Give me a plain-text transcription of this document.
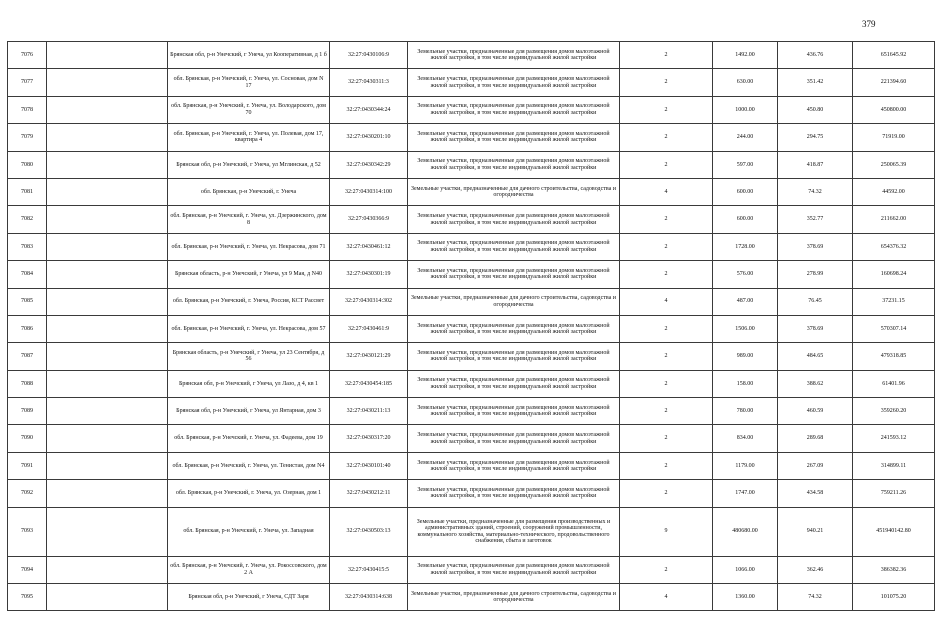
379
7076		Брянская обл, р-н Унечский, г Унеча, ул Кооперативная, д 1 б	32:27:0430106:9	Земельные участки, предназначенные для размещения домов малоэтажной жилой застройки, в том числе индивидуальной жилой застройки	2	1492.00	436.76	651645.92
7077		обл. Брянская, р-н Унечский, г. Унеча, ул. Сосновая, дом N 17	32:27:0430311:3	Земельные участки, предназначенные для размещения домов малоэтажной жилой застройки, в том числе индивидуальной жилой застройки	2	630.00	351.42	221394.60
7078		обл. Брянская, р-н Унечский, г. Унеча, ул. Володарского, дом 70	32:27:0430344:24	Земельные участки, предназначенные для размещения домов малоэтажной жилой застройки, в том числе индивидуальной жилой застройки	2	1000.00	450.80	450800.00
7079		обл. Брянская, р-н Унечский, г. Унеча, ул. Полевая, дом 17, квартира 4	32:27:0430201:10	Земельные участки, предназначенные для размещения домов малоэтажной жилой застройки, в том числе индивидуальной жилой застройки	2	244.00	294.75	71919.00
7080		Брянская обл, р-н Унечский, г Унеча, ул Мглинская, д 52	32:27:0430342:29	Земельные участки, предназначенные для размещения домов малоэтажной жилой застройки, в том числе индивидуальной жилой застройки	2	597.00	418.87	250065.39
7081		обл. Брянская, р-н Унечский, г. Унеча	32:27:0430314:100	Земельные участки, предназначенные для дачного строительства, садоводства и огородничества	4	600.00	74.32	44592.00
7082		обл. Брянская, р-н Унечский, г. Унеча, ул. Дзержинского, дом 8	32:27:0430366:9	Земельные участки, предназначенные для размещения домов малоэтажной жилой застройки, в том числе индивидуальной жилой застройки	2	600.00	352.77	211662.00
7083		обл. Брянская, р-н Унечский, г. Унеча, ул. Некрасова, дом 71	32:27:0430461:12	Земельные участки, предназначенные для размещения домов малоэтажной жилой застройки, в том числе индивидуальной жилой застройки	2	1728.00	378.69	654376.32
7084		Брянская область, р-н Унечский, г Унеча, ул 9 Мая, д N40	32:27:0430301:19	Земельные участки, предназначенные для размещения домов малоэтажной жилой застройки, в том числе индивидуальной жилой застройки	2	576.00	278.99	160698.24
7085		обл. Брянская, р-н Унечский, г. Унеча, Россия, КСТ Рассвет	32:27:0430314:302	Земельные участки, предназначенные для дачного строительства, садоводства и огородничества	4	487.00	76.45	37231.15
7086		обл. Брянская, р-н Унечский, г. Унеча, ул. Некрасова, дом 57	32:27:0430461:9	Земельные участки, предназначенные для размещения домов малоэтажной жилой застройки, в том числе индивидуальной жилой застройки	2	1506.00	378.69	570307.14
7087		Брянская область, р-н Унечский, г Унеча, ул 23 Сентября, д 56	32:27:0430121:29	Земельные участки, предназначенные для размещения домов малоэтажной жилой застройки, в том числе индивидуальной жилой застройки	2	989.00	484.65	479318.85
7088		Брянская обл, р-н Унечский, г Унеча, ул Лазо, д 4, кв 1	32:27:0430454:185	Земельные участки, предназначенные для размещения домов малоэтажной жилой застройки, в том числе индивидуальной жилой застройки	2	158.00	388.62	61401.96
7089		Брянская обл, р-н Унечский, г Унеча, ул Янтарная, дом 3	32:27:0430211:13	Земельные участки, предназначенные для размещения домов малоэтажной жилой застройки, в том числе индивидуальной жилой застройки	2	780.00	460.59	359260.20
7090		обл. Брянская, р-н Унечский, г. Унеча, ул. Фадеева, дом 19	32:27:0430317:20	Земельные участки, предназначенные для размещения домов малоэтажной жилой застройки, в том числе индивидуальной жилой застройки	2	834.00	289.68	241593.12
7091		обл. Брянская, р-н Унечский, г. Унеча, ул. Тенистая, дом N4	32:27:0430101:40	Земельные участки, предназначенные для размещения домов малоэтажной жилой застройки, в том числе индивидуальной жилой застройки	2	1179.00	267.09	314899.11
7092		обл. Брянская, р-н Унечский, г. Унеча, ул. Озерная, дом 1	32:27:0430212:11	Земельные участки, предназначенные для размещения домов малоэтажной жилой застройки, в том числе индивидуальной жилой застройки	2	1747.00	434.58	759211.26
7093		обл. Брянская, р-н Унечский, г. Унеча, ул. Западная	32:27:0430503:13	Земельные участки, предназначенные для размещения производственных и административных зданий, строений, сооружений промышленности, коммунального хозяйства, материально-технического, продовольственного снабжения, сбыта и заготовок	9	480680.00	940.21	451940142.80
7094		обл. Брянская, р-н Унечский, г. Унеча, ул. Рокоссовского, дом 2 А	32:27:0430415:5	Земельные участки, предназначенные для размещения домов малоэтажной жилой застройки, в том числе индивидуальной жилой застройки	2	1066.00	362.46	386382.36
7095		Брянская обл, р-н Унечский, г Унеча, СДТ Заря	32:27:0430314:638	Земельные участки, предназначенные для дачного строительства, садоводства и огородничества	4	1360.00	74.32	101075.20
